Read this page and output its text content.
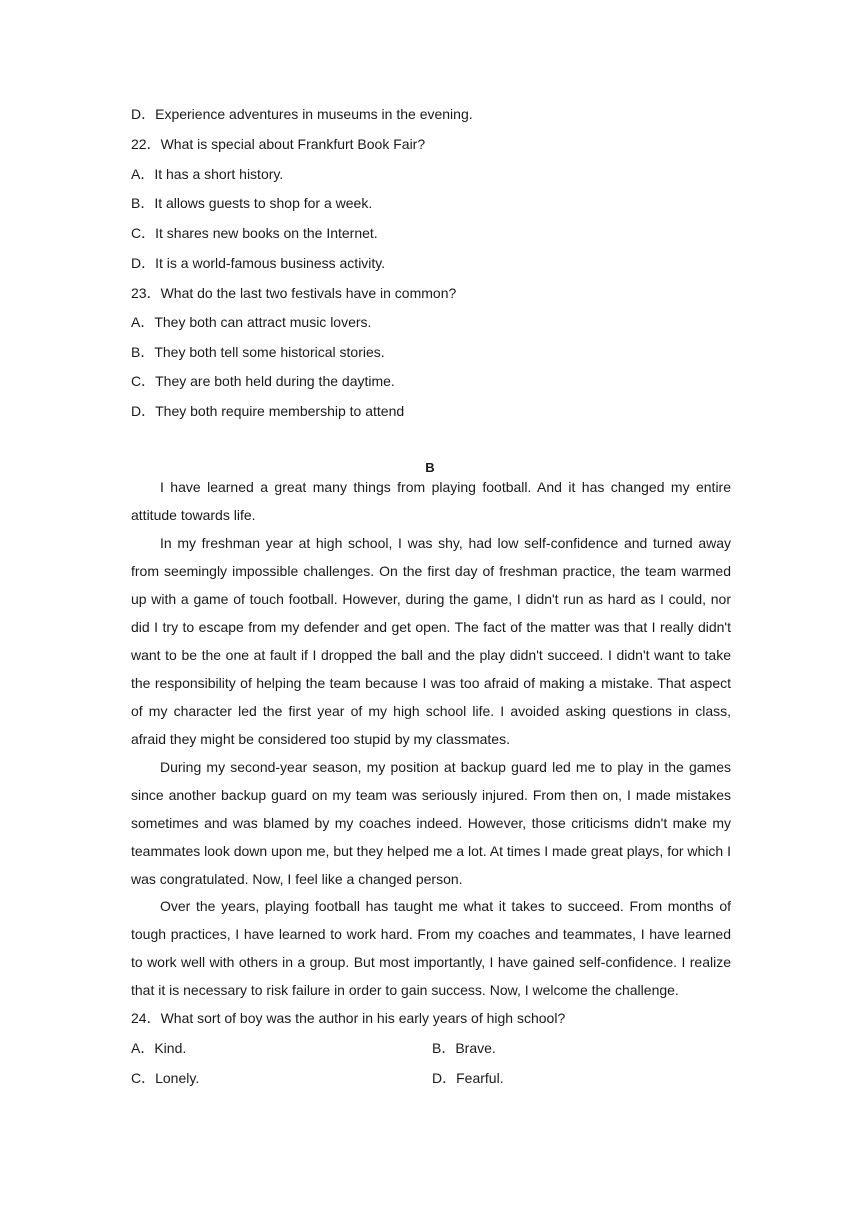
D．Experience adventures in museums in the evening.
22．What is special about Frankfurt Book Fair?
A．It has a short history.
B．It allows guests to shop for a week.
C．It shares new books on the Internet.
D．It is a world-famous business activity.
23．What do the last two festivals have in common?
A．They both can attract music lovers.
B．They both tell some historical stories.
C．They are both held during the daytime.
D．They both require membership to attend
B
I have learned a great many things from playing football. And it has changed my entire attitude towards life.
In my freshman year at high school, I was shy, had low self-confidence and turned away from seemingly impossible challenges. On the first day of freshman practice, the team warmed up with a game of touch football. However, during the game, I didn't run as hard as I could, nor did I try to escape from my defender and get open. The fact of the matter was that I really didn't want to be the one at fault if I dropped the ball and the play didn't succeed. I didn't want to take the responsibility of helping the team because I was too afraid of making a mistake. That aspect of my character led the first year of my high school life. I avoided asking questions in class, afraid they might be considered too stupid by my classmates.
During my second-year season, my position at backup guard led me to play in the games since another backup guard on my team was seriously injured. From then on, I made mistakes sometimes and was blamed by my coaches indeed. However, those criticisms didn't make my teammates look down upon me, but they helped me a lot. At times I made great plays, for which I was congratulated. Now, I feel like a changed person.
Over the years, playing football has taught me what it takes to succeed. From months of tough practices, I have learned to work hard. From my coaches and teammates, I have learned to work well with others in a group. But most importantly, I have gained self-confidence. I realize that it is necessary to risk failure in order to gain success. Now, I welcome the challenge.
24．What sort of boy was the author in his early years of high school?
A．Kind.	B．Brave.
C．Lonely.	D．Fearful.
